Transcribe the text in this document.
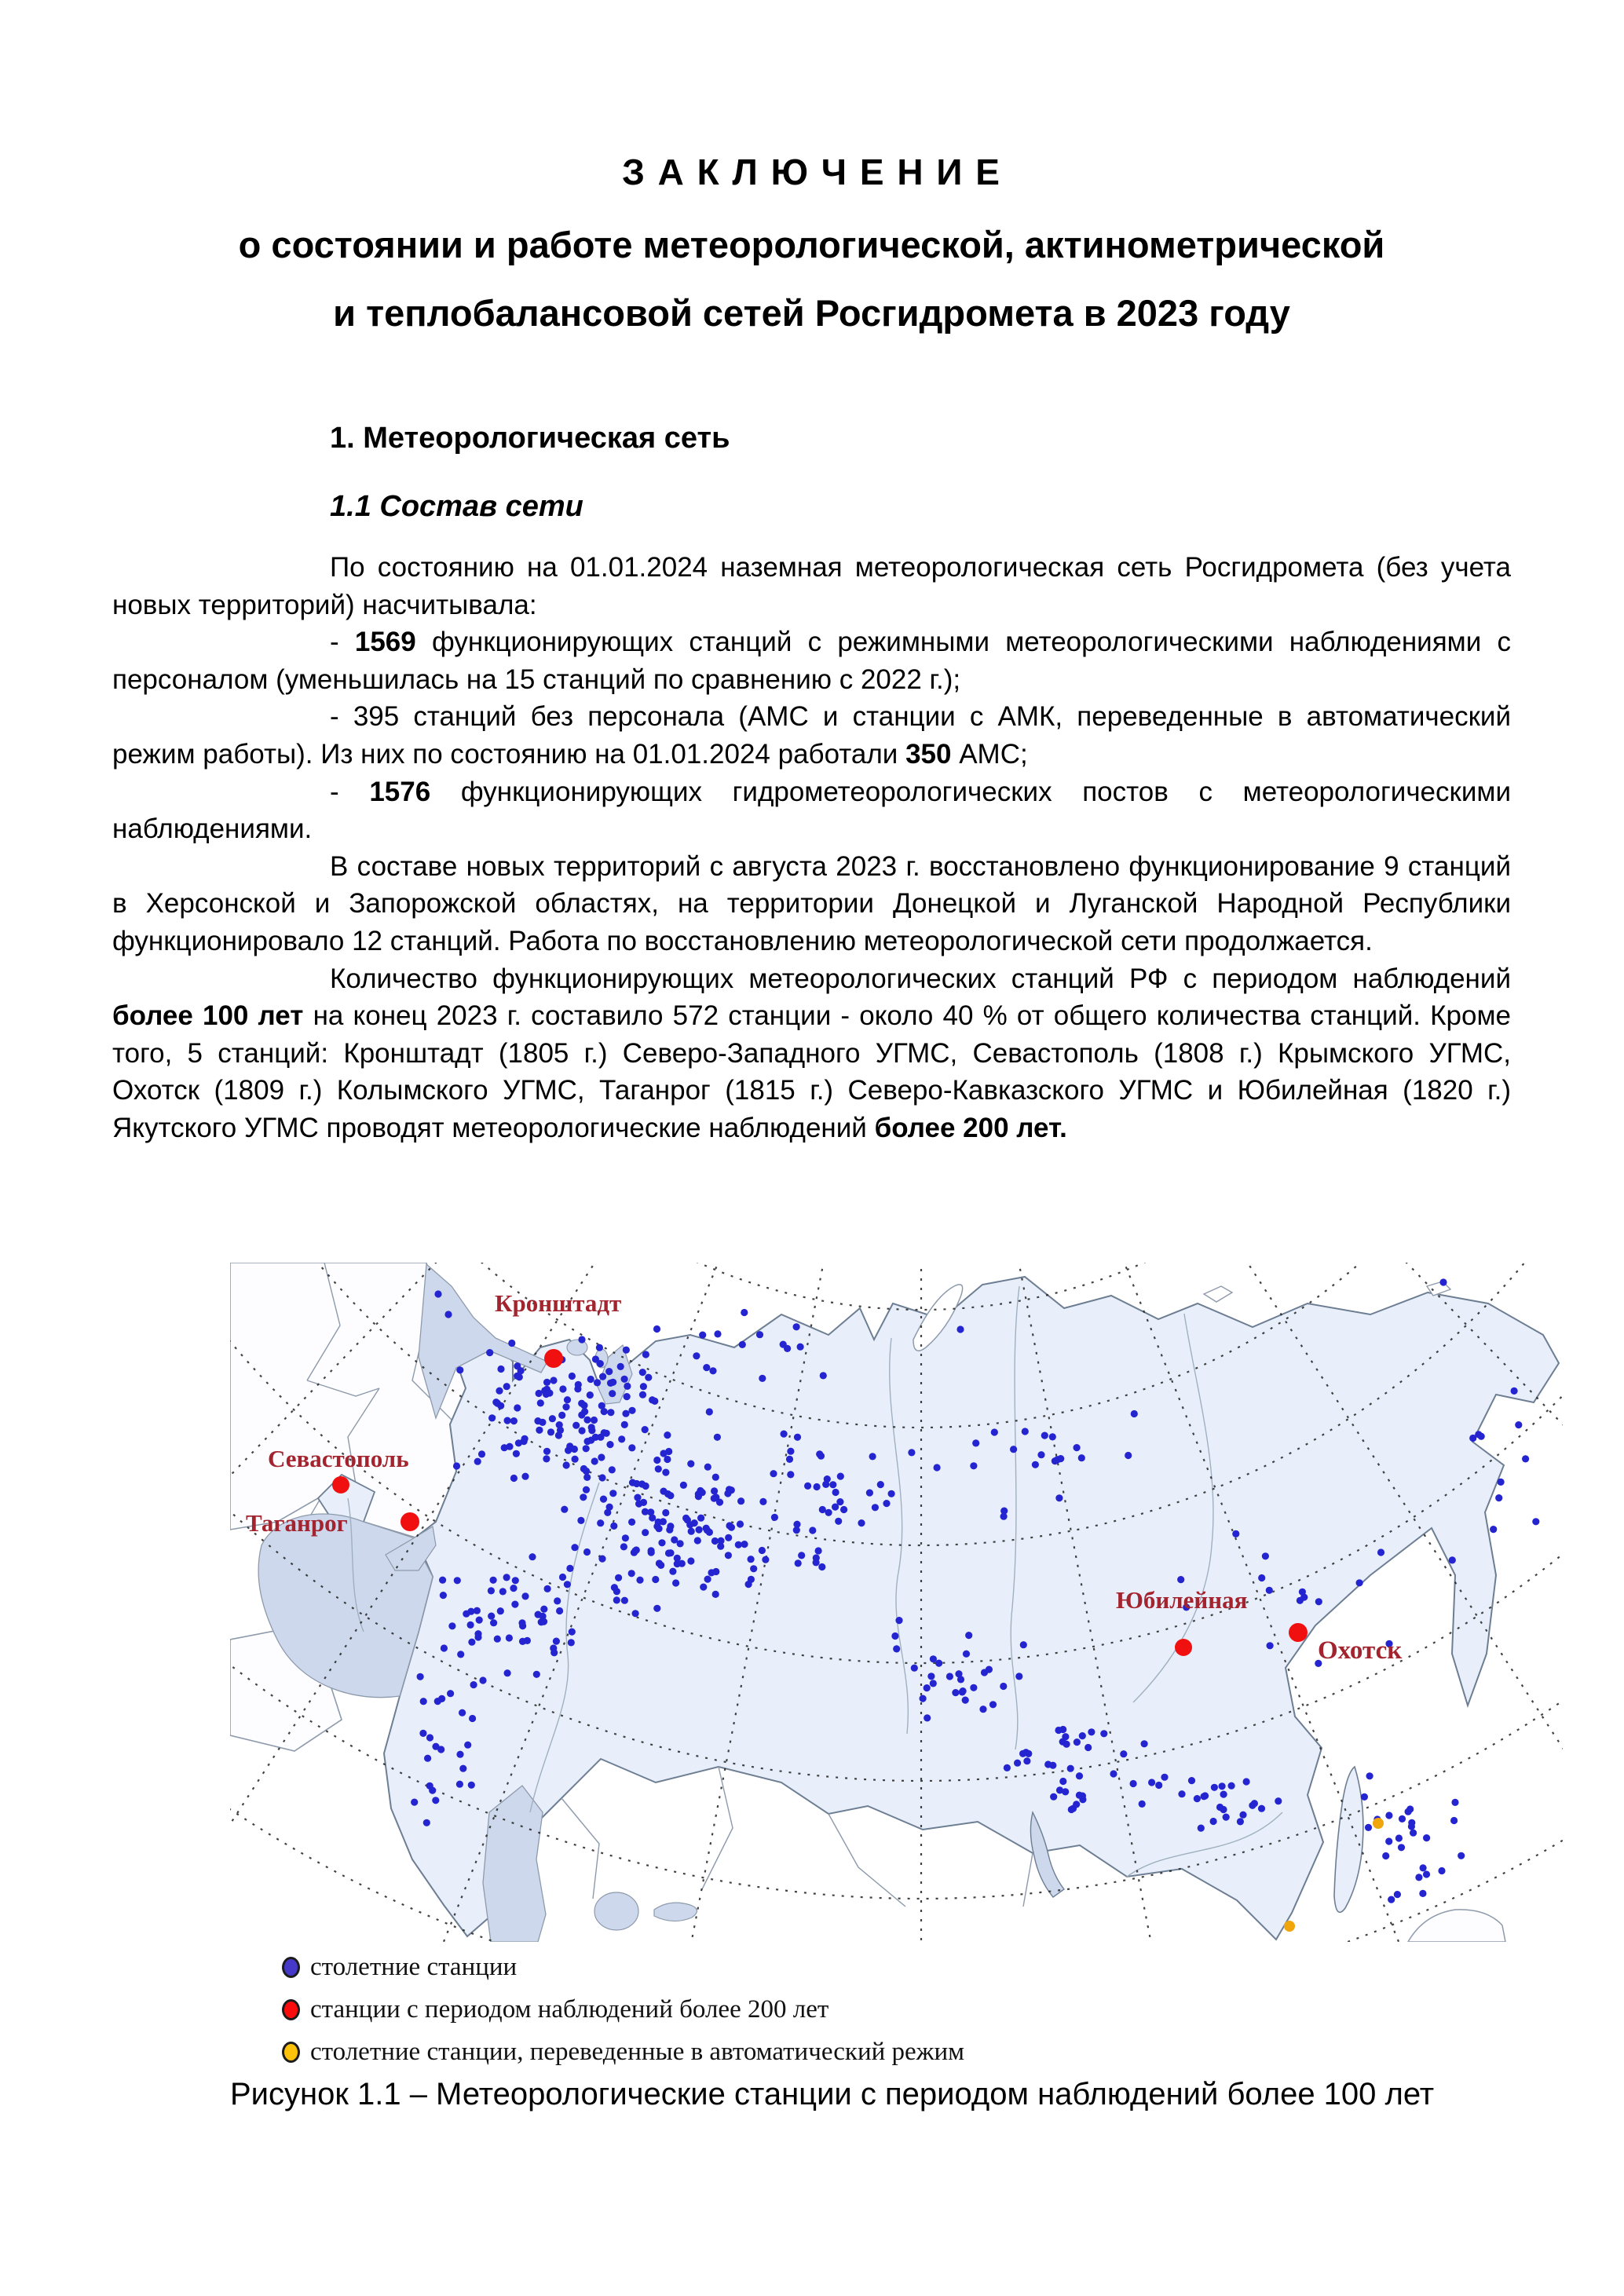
З А К Л Ю Ч Е Н И Е
о состоянии и работе метеорологической, актинометрической
и теплобалансовой сетей Росгидромета в 2023 году
1. Метеорологическая сеть
1.1 Состав сети

По состоянию на 01.01.2024 наземная метеорологическая сеть Росгидромета (без учета новых территорий) насчитывала:

- 1569 функционирующих станций с режимными метеорологическими наблюдениями с персоналом (уменьшилась на 15 станций по сравнению с 2022 г.);

- 395 станций без персонала (АМС и станции с АМК, переведенные в автоматический режим работы). Из них по состоянию на 01.01.2024 работали 350 АМС;

- 1576 функционирующих гидрометеорологических постов с метеорологическими наблюдениями.

В составе новых территорий с августа 2023 г. восстановлено функционирование 9 станций в Херсонской и Запорожской областях, на территории Донецкой и Луганской Народной Республики функционировало 12 станций. Работа по восстановлению метеорологической сети продолжается.

Количество функционирующих метеорологических станций РФ с периодом наблюдений более 100 лет на конец 2023 г. составило 572 станции - около 40 % от общего количества станций. Кроме того, 5 станций: Кронштадт (1805 г.) Северо-Западного УГМС, Севастополь (1808 г.) Крымского УГМС, Охотск (1809 г.) Колымского УГМС, Таганрог (1815 г.) Северо-Кавказского УГМС и Юбилейная (1820 г.) Якутского УГМС проводят метеорологические наблюдений более 200 лет.

Кронштадт
Севастополь
Таганрог
Юбилейная
Охотск
столетние станции
станции с периодом наблюдений более 200 лет
столетние станции, переведенные в автоматический режим
Рисунок 1.1 – Метеорологические станции с периодом наблюдений более 100 лет
